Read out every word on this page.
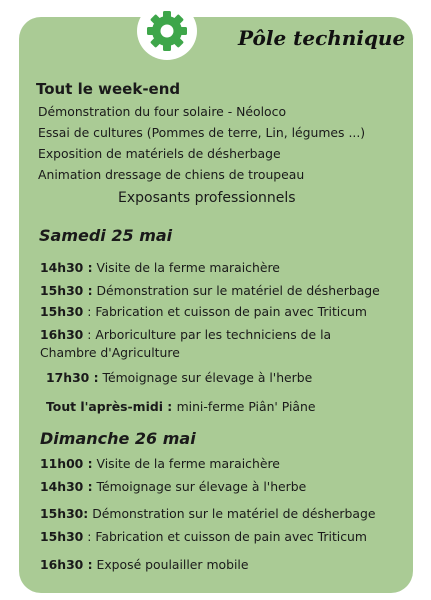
Pôle technique
Tout le week-end
Démonstration du four solaire - Néoloco
Essai de cultures (Pommes de terre, Lin, légumes ...)
Exposition de matériels de désherbage
Animation dressage de chiens de troupeau
Exposants professionnels
Samedi 25 mai
14h30 : Visite de la ferme maraichère
15h30 : Démonstration sur le matériel de désherbage
15h30 : Fabrication et cuisson de pain avec Triticum
16h30 : Arboriculture par les techniciens de la
Chambre d'Agriculture
17h30 : Témoignage sur élevage à l'herbe
Tout l'après-midi : mini-ferme Piân' Piâne
Dimanche 26 mai
11h00 : Visite de la ferme maraichère
14h30 : Témoignage sur élevage à l'herbe
15h30: Démonstration sur le matériel de désherbage
15h30 : Fabrication et cuisson de pain avec Triticum
16h30 : Exposé poulailler mobile
